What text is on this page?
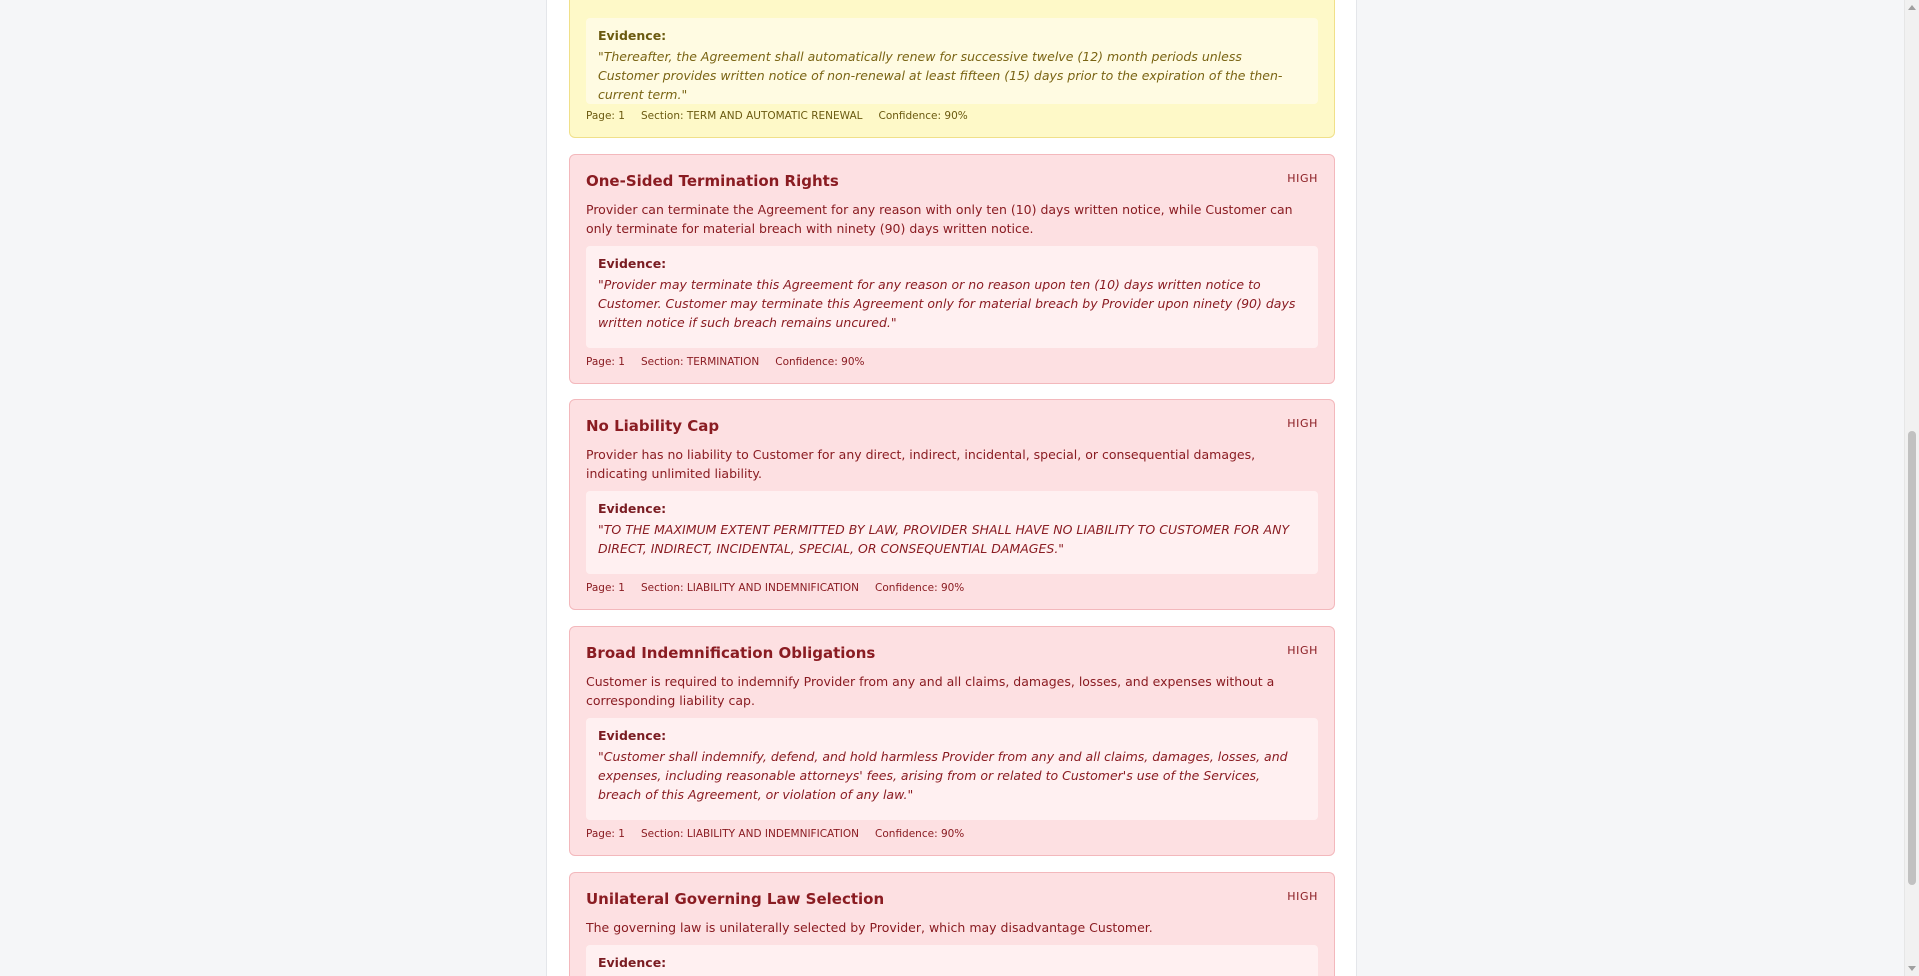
Evidence:
"Thereafter, the Agreement shall automatically renew for successive twelve (12) month periods unless Customer provides written notice of non-renewal at least fifteen (15) days prior to the expiration of the then-current term."
Page: 1 Section: TERM AND AUTOMATIC RENEWAL Confidence: 90%
One-Sided Termination Rights	HIGH
Provider can terminate the Agreement for any reason with only ten (10) days written notice, while Customer can only terminate for material breach with ninety (90) days written notice.
Evidence:
"Provider may terminate this Agreement for any reason or no reason upon ten (10) days written notice to Customer. Customer may terminate this Agreement only for material breach by Provider upon ninety (90) days written notice if such breach remains uncured."
Page: 1 Section: TERMINATION Confidence: 90%
No Liability Cap	HIGH
Provider has no liability to Customer for any direct, indirect, incidental, special, or consequential damages, indicating unlimited liability.
Evidence:
"TO THE MAXIMUM EXTENT PERMITTED BY LAW, PROVIDER SHALL HAVE NO LIABILITY TO CUSTOMER FOR ANY DIRECT, INDIRECT, INCIDENTAL, SPECIAL, OR CONSEQUENTIAL DAMAGES."
Page: 1 Section: LIABILITY AND INDEMNIFICATION Confidence: 90%
Broad Indemnification Obligations	HIGH
Customer is required to indemnify Provider from any and all claims, damages, losses, and expenses without a corresponding liability cap.
Evidence:
"Customer shall indemnify, defend, and hold harmless Provider from any and all claims, damages, losses, and expenses, including reasonable attorneys' fees, arising from or related to Customer's use of the Services, breach of this Agreement, or violation of any law."
Page: 1 Section: LIABILITY AND INDEMNIFICATION Confidence: 90%
Unilateral Governing Law Selection	HIGH
The governing law is unilaterally selected by Provider, which may disadvantage Customer.
Evidence:
